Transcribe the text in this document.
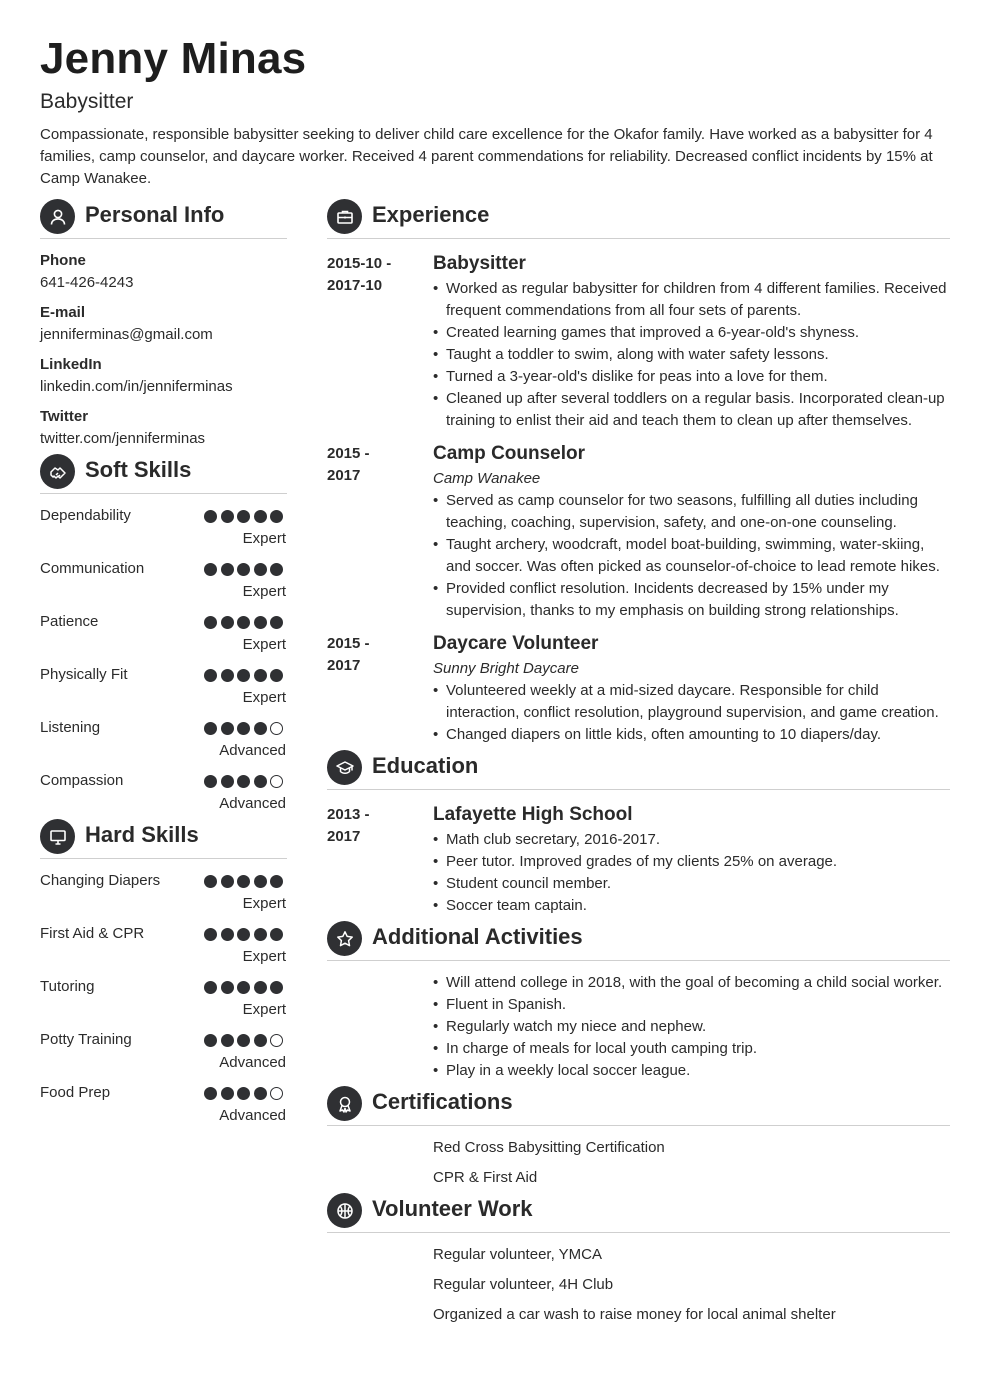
Jenny Minas
Babysitter
Compassionate, responsible babysitter seeking to deliver child care excellence for the Okafor family. Have worked as a babysitter for 4 families, camp counselor, and daycare worker. Received 4 parent commendations for reliability. Decreased conflict incidents by 15% at Camp Wanakee.
Personal Info
Phone
641-426-4243
E-mail
jenniferminas@gmail.com
LinkedIn
linkedin.com/in/jenniferminas
Twitter
twitter.com/jenniferminas
Soft Skills
Dependability
Expert
Communication
Expert
Patience
Expert
Physically Fit
Expert
Listening
Advanced
Compassion
Advanced
Hard Skills
Changing Diapers
Expert
First Aid & CPR
Expert
Tutoring
Expert
Potty Training
Advanced
Food Prep
Advanced
Experience
2015-10 -
2017-10
Babysitter
• Worked as regular babysitter for children from 4 different families. Received frequent commendations from all four sets of parents.
• Created learning games that improved a 6-year-old's shyness.
• Taught a toddler to swim, along with water safety lessons.
• Turned a 3-year-old's dislike for peas into a love for them.
• Cleaned up after several toddlers on a regular basis. Incorporated clean-up training to enlist their aid and teach them to clean up after themselves.
2015 -
2017
Camp Counselor
Camp Wanakee
• Served as camp counselor for two seasons, fulfilling all duties including teaching, coaching, supervision, safety, and one-on-one counseling.
• Taught archery, woodcraft, model boat-building, swimming, water-skiing, and soccer. Was often picked as counselor-of-choice to lead remote hikes.
• Provided conflict resolution. Incidents decreased by 15% under my supervision, thanks to my emphasis on building strong relationships.
2015 -
2017
Daycare Volunteer
Sunny Bright Daycare
• Volunteered weekly at a mid-sized daycare. Responsible for child interaction, conflict resolution, playground supervision, and game creation.
• Changed diapers on little kids, often amounting to 10 diapers/day.
Education
2013 -
2017
Lafayette High School
• Math club secretary, 2016-2017.
• Peer tutor. Improved grades of my clients 25% on average.
• Student council member.
• Soccer team captain.
Additional Activities
• Will attend college in 2018, with the goal of becoming a child social worker.
• Fluent in Spanish.
• Regularly watch my niece and nephew.
• In charge of meals for local youth camping trip.
• Play in a weekly local soccer league.
Certifications
Red Cross Babysitting Certification
CPR & First Aid
Volunteer Work
Regular volunteer, YMCA
Regular volunteer, 4H Club
Organized a car wash to raise money for local animal shelter
